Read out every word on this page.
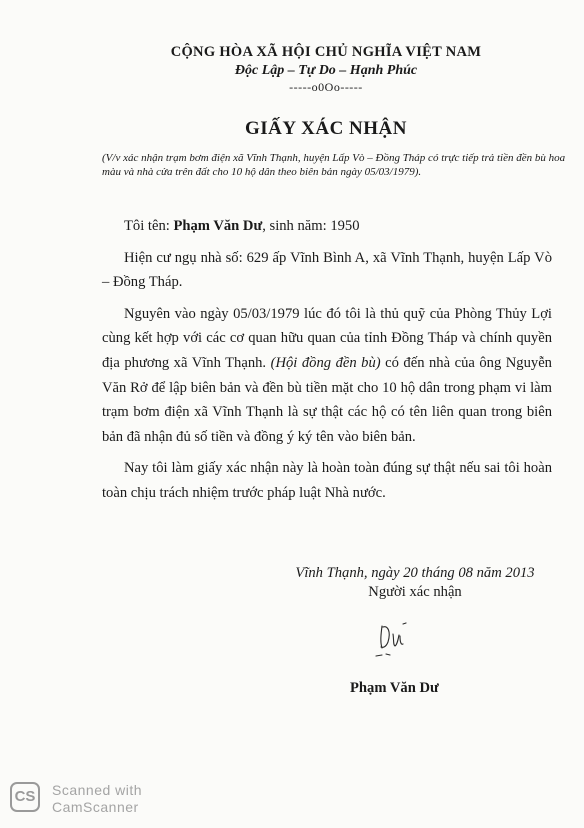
CỘNG HÒA XÃ HỘI CHỦ NGHĨA VIỆT NAM
Độc Lập – Tự Do – Hạnh Phúc
-----o0Oo-----
GIẤY XÁC NHẬN
(V/v xác nhận trạm bơm điện xã Vĩnh Thạnh, huyện Lấp Vò – Đồng Tháp có trực tiếp trả tiền đền bù hoa màu và nhà cửa trên đất cho 10 hộ dân theo biên bản ngày 05/03/1979).

Tôi tên: Phạm Văn Dư, sinh năm: 1950

Hiện cư ngụ nhà số: 629 ấp Vĩnh Bình A, xã Vĩnh Thạnh, huyện Lấp Vò – Đồng Tháp.

Nguyên vào ngày 05/03/1979 lúc đó tôi là thủ quỹ của Phòng Thủy Lợi cùng kết hợp với các cơ quan hữu quan của tỉnh Đồng Tháp và chính quyền địa phương xã Vĩnh Thạnh. (Hội đồng đền bù) có đến nhà của ông Nguyễn Văn Rở để lập biên bản và đền bù tiền mặt cho 10 hộ dân trong phạm vi làm trạm bơm điện xã Vĩnh Thạnh là sự thật các hộ có tên liên quan trong biên bản đã nhận đủ số tiền và đồng ý ký tên vào biên bản.

Nay tôi làm giấy xác nhận này là hoàn toàn đúng sự thật nếu sai tôi hoàn toàn chịu trách nhiệm trước pháp luật Nhà nước.

Vĩnh Thạnh, ngày 20 tháng 08 năm 2013
Người xác nhận
Phạm Văn Dư
CS	Scanned with
CamScanner
